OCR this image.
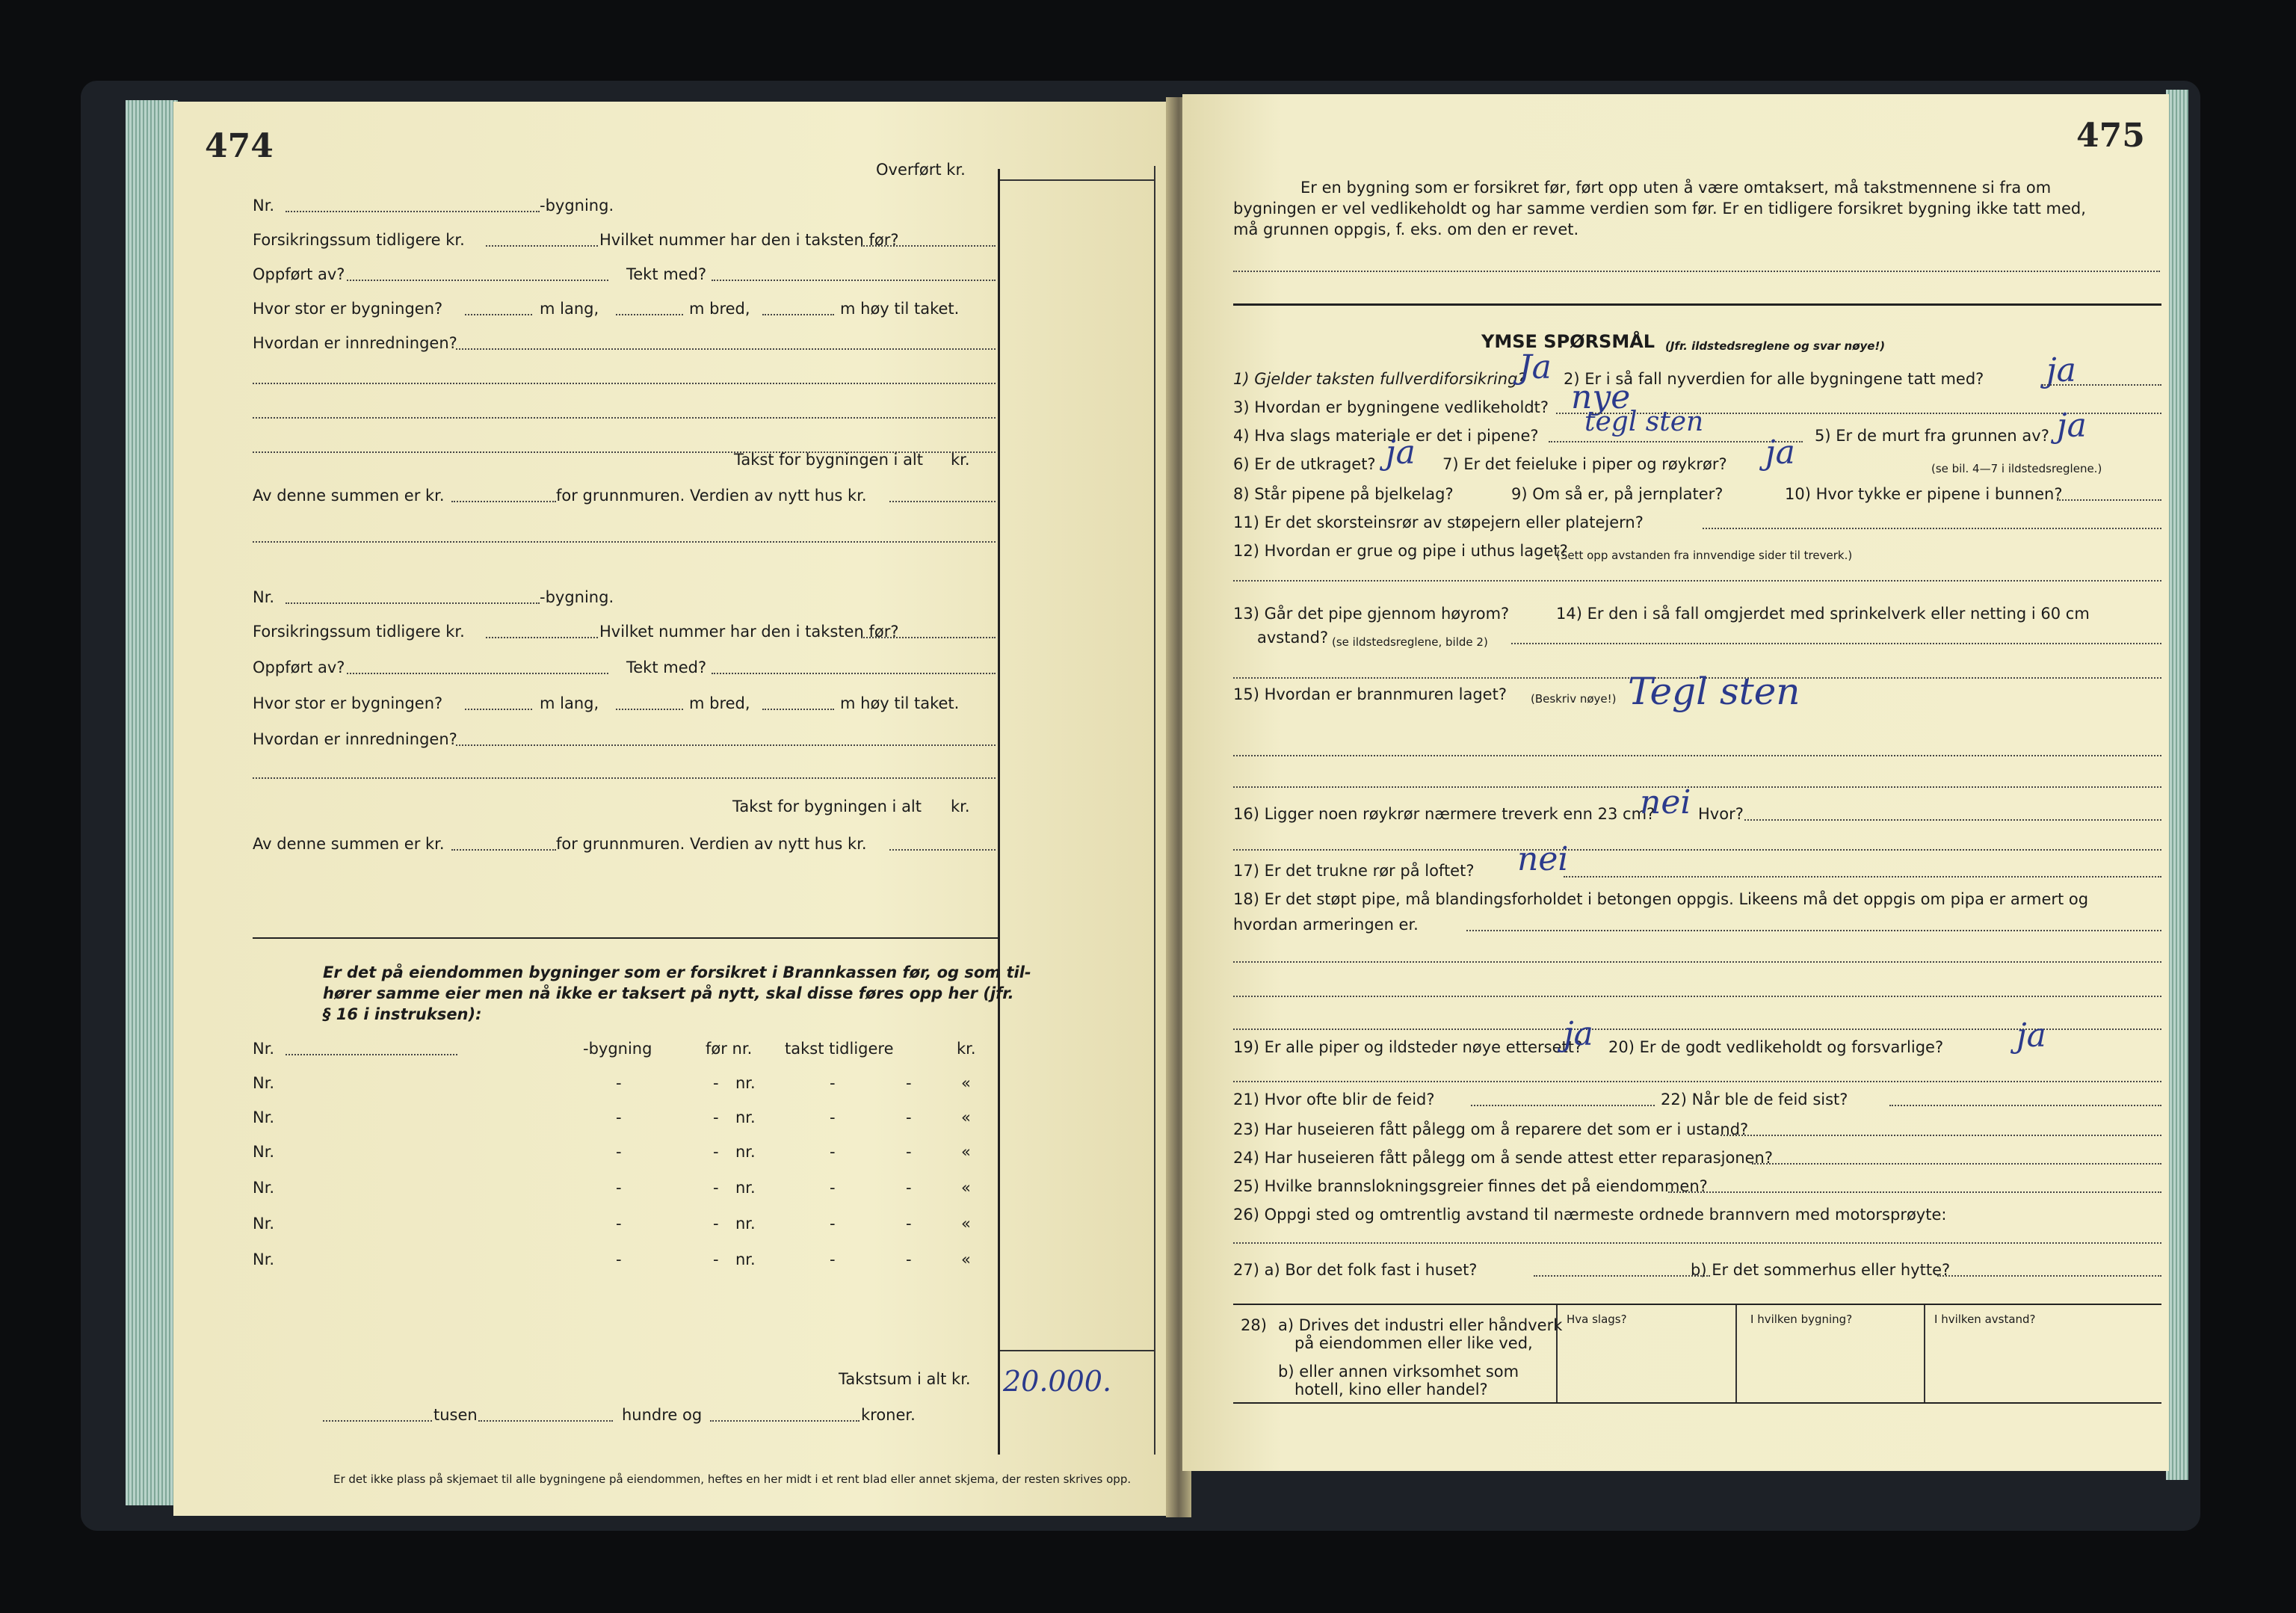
474
Overført kr.
Nr.	-bygning.
Forsikringssum tidligere kr.	Hvilket nummer har den i taksten før?
Oppført av?	Tekt med?
Hvor stor er bygningen?	m lang,	m bred,	m høy til taket.
Hvordan er innredningen?
Takst for bygningen i alt kr.
Av denne summen er kr.	for grunnmuren. Verdien av nytt hus kr.
Nr.	-bygning.
Forsikringssum tidligere kr.	Hvilket nummer har den i taksten før?
Oppført av?	Tekt med?
Hvor stor er bygningen?	m lang,	m bred,	m høy til taket.
Hvordan er innredningen?
Takst for bygningen i alt kr.
Av denne summen er kr.	for grunnmuren. Verdien av nytt hus kr.
Er det på eiendommen bygninger som er forsikret i Brannkassen før, og som til-
hører samme eier men nå ikke er taksert på nytt, skal disse føres opp her (jfr.
§ 16 i instruksen):
Nr.	-bygning	før nr. takst tidligere	kr.
Nr.	-	- nr.	-	-	«
Nr.	-	- nr.	-	-	«
Nr.	-	- nr.	-	-	«
Nr.	-	- nr.	-	-	«
Nr.	-	- nr.	-	-	«
Nr.	-	- nr.	-	-	«
Takstsum i alt kr. 20.000.
tusen	hundre og	kroner.
Er det ikke plass på skjemaet til alle bygningene på eiendommen, heftes en her midt i et rent blad eller annet skjema, der resten skrives opp.
475
Er en bygning som er forsikret før, ført opp uten å være omtaksert, må takstmennene si fra om
bygningen er vel vedlikeholdt og har samme verdien som før. Er en tidligere forsikret bygning ikke tatt med,
må grunnen oppgis, f. eks. om den er revet.
YMSE SPØRSMÅL (Jfr. ildstedsreglene og svar nøye!)
1) Gjelder taksten fullverdiforsikring?
Ja 2) Er i så fall nyverdien for alle bygningene tatt med? ja
3) Hvordan er bygningene vedlikeholdt? nye
4) Hva slags materiale er det i pipene? tegl sten	5) Er de murt fra grunnen av? ja
6) Er de utkraget? ja 7) Er det feieluke i piper og røykrør? ja	(se bil. 4—7 i ildstedsreglene.)
8) Står pipene på bjelkelag?	9) Om så er, på jernplater?	10) Hvor tykke er pipene i bunnen?
11) Er det skorsteinsrør av støpejern eller platejern?
12) Hvordan er grue og pipe i uthus laget?
(Sett opp avstanden fra innvendige sider til treverk.)
13) Går det pipe gjennom høyrom?	14) Er den i så fall omgjerdet med sprinkelverk eller netting i 60 cm
avstand? (se ildstedsreglene, bilde 2)
15) Hvordan er brannmuren laget? (Beskriv nøye!) Tegl sten
16) Ligger noen røykrør nærmere treverk enn 23 cm?
nei Hvor?
17) Er det trukne rør på loftet? nei
18) Er det støpt pipe, må blandingsforholdet i betongen oppgis. Likeens må det oppgis om pipa er armert og
hvordan armeringen er.
19) Er alle piper og ildsteder nøye ettersett?
ja 20) Er de godt vedlikeholdt og forsvarlige? ja
21) Hvor ofte blir de feid?	22) Når ble de feid sist?
23) Har huseieren fått pålegg om å reparere det som er i ustand?
24) Har huseieren fått pålegg om å sende attest etter reparasjonen?
25) Hvilke brannslokningsgreier finnes det på eiendommen?
26) Oppgi sted og omtrentlig avstand til nærmeste ordnede brannvern med motorsprøyte:
27) a) Bor det folk fast i huset?	b) Er det sommerhus eller hytte?
28) a) Drives det industri eller håndverk
på eiendommen eller like ved,
b) eller annen virksomhet som
hotell, kino eller handel?
Hva slags?	I hvilken bygning?	I hvilken avstand?
